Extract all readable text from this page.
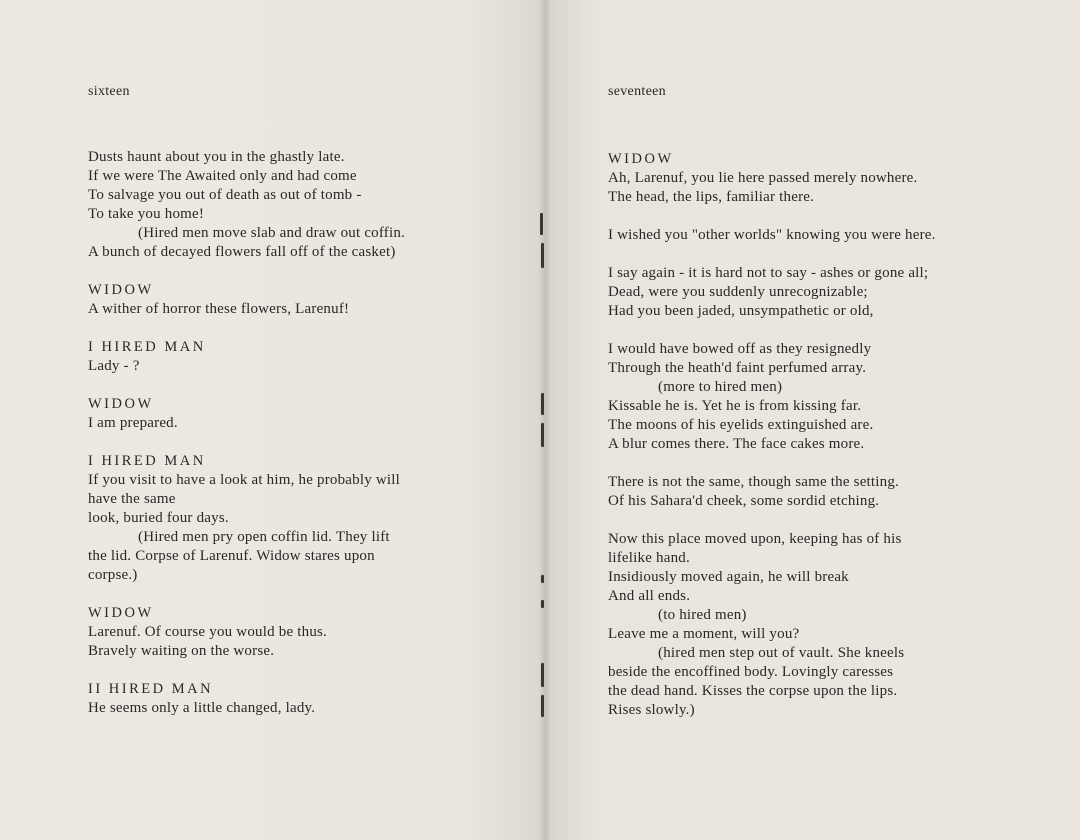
sixteen
Dusts haunt about you in the ghastly late.
If we were The Awaited only and had come
To salvage you out of death as out of tomb -
To take you home!
(Hired men move slab and draw out coffin.
A bunch of decayed flowers fall off of the casket)
WIDOW
A wither of horror these flowers, Larenuf!
I HIRED MAN
Lady - ?
WIDOW
I am prepared.
I HIRED MAN
If you visit to have a look at him, he probably will
have the same
look, buried four days.
(Hired men pry open coffin lid. They lift
the lid. Corpse of Larenuf. Widow stares upon
corpse.)
WIDOW
Larenuf. Of course you would be thus.
Bravely waiting on the worse.
II HIRED MAN
He seems only a little changed, lady.
seventeen
WIDOW
Ah, Larenuf, you lie here passed merely nowhere.
The head, the lips, familiar there.
I wished you "other worlds" knowing you were here.
I say again - it is hard not to say - ashes or gone all;
Dead, were you suddenly unrecognizable;
Had you been jaded, unsympathetic or old,
I would have bowed off as they resignedly
Through the heath'd faint perfumed array.
(more to hired men)
Kissable he is. Yet he is from kissing far.
The moons of his eyelids extinguished are.
A blur comes there. The face cakes more.
There is not the same, though same the setting.
Of his Sahara'd cheek, some sordid etching.
Now this place moved upon, keeping has of his
lifelike hand.
Insidiously moved again, he will break
And all ends.
(to hired men)
Leave me a moment, will you?
(hired men step out of vault. She kneels
beside the encoffined body. Lovingly caresses
the dead hand. Kisses the corpse upon the lips.
Rises slowly.)
